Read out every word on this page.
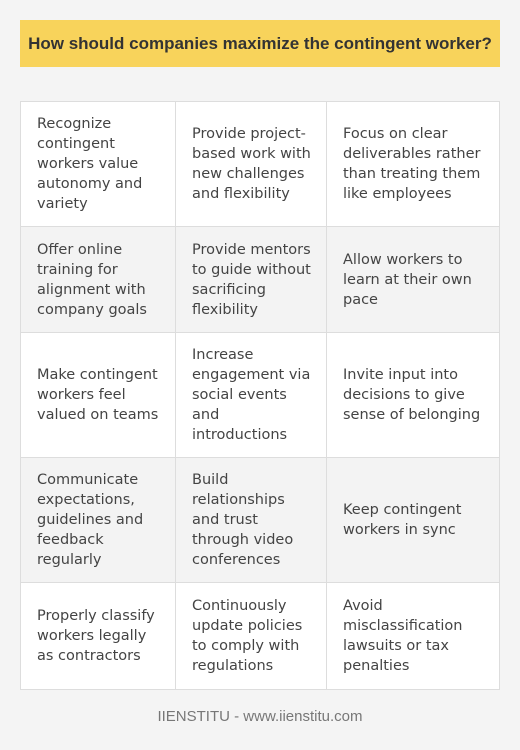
How should companies maximize the contingent worker?
Recognize contingent workers value autonomy and variety
Provide project-based work with new challenges and flexibility
Focus on clear deliverables rather than treating them like employees
Offer online training for alignment with company goals
Provide mentors to guide without sacrificing flexibility
Allow workers to learn at their own pace
Make contingent workers feel valued on teams
Increase engagement via social events and introductions
Invite input into decisions to give sense of belonging
Communicate expectations, guidelines and feedback regularly
Build relationships and trust through video conferences
Keep contingent workers in sync
Properly classify workers legally as contractors
Continuously update policies to comply with regulations
Avoid misclassification lawsuits or tax penalties
IIENSTITU - www.iienstitu.com
